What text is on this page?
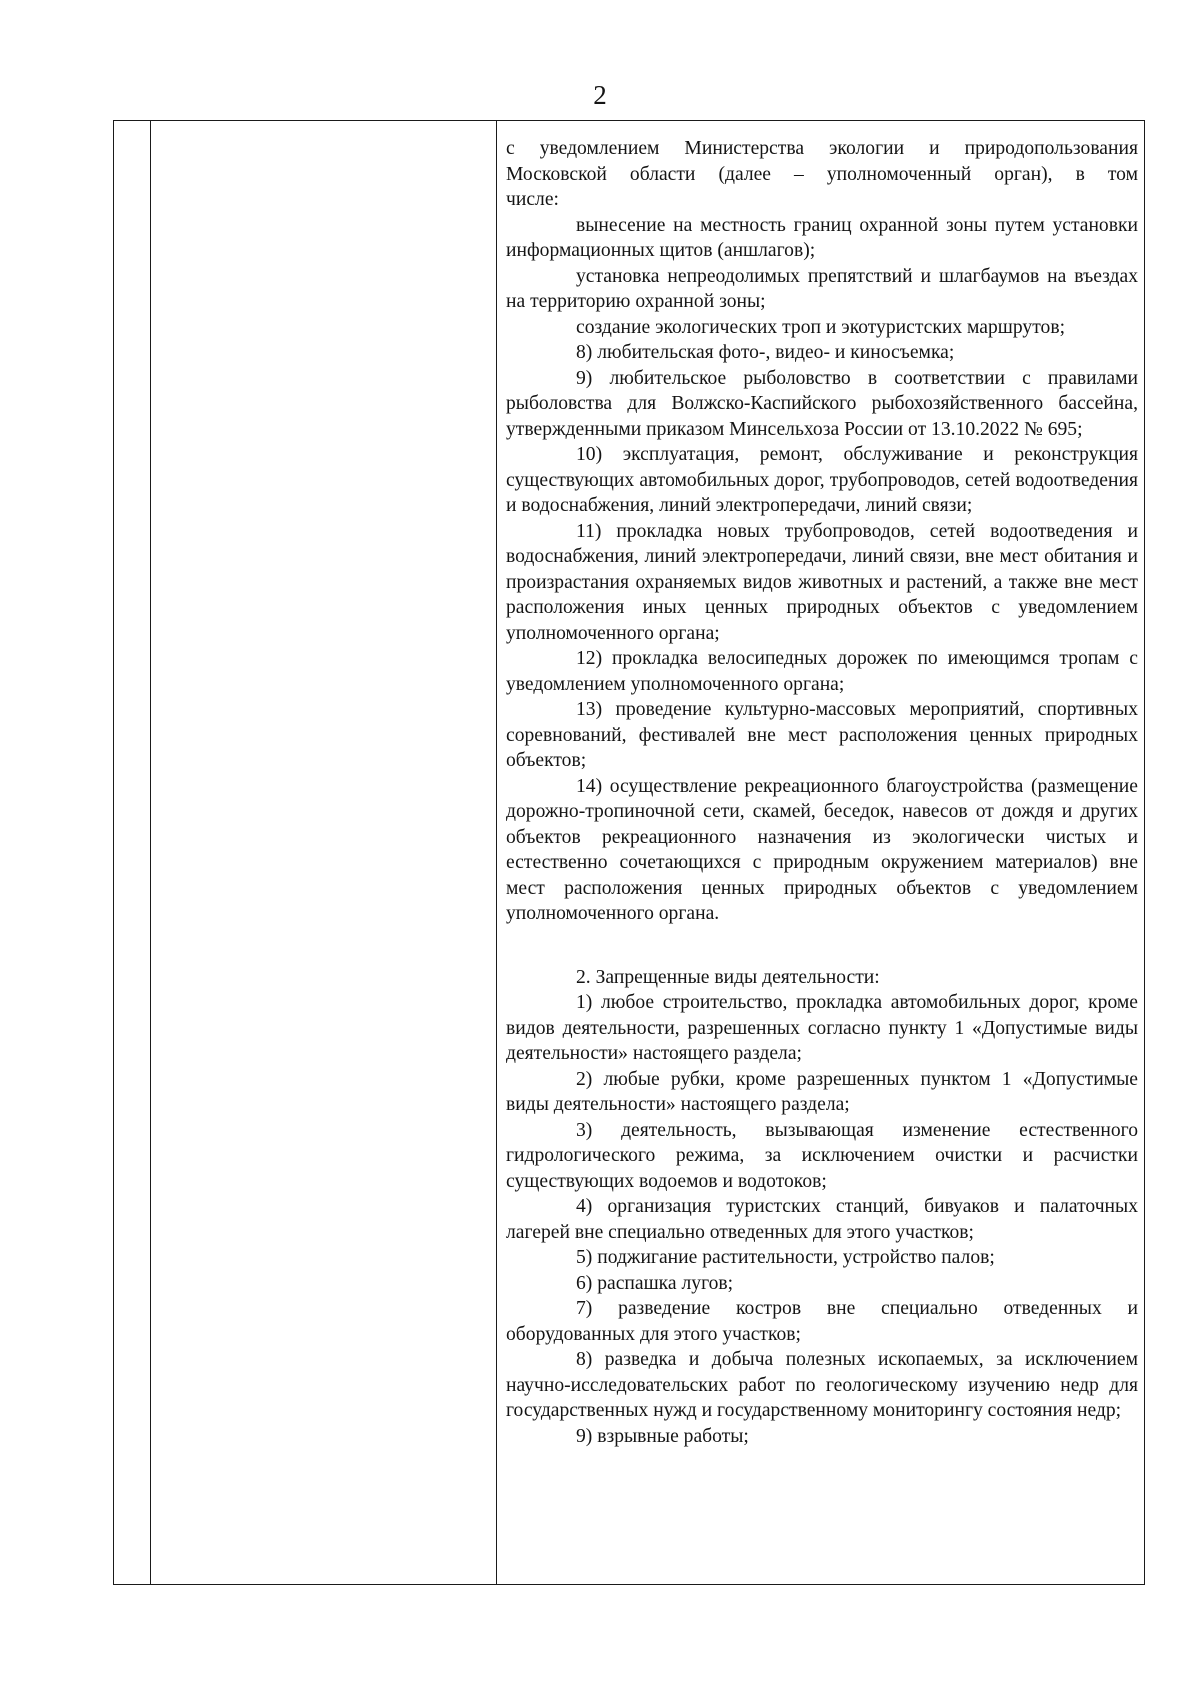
2

с уведомлением Министерства экологии и природопользования

Московской области (далее – уполномоченный орган), в том

числе:

вынесение на местность границ охранной зоны путем установки информационных щитов (аншлагов);

установка непреодолимых препятствий и шлагбаумов на въездах на территорию охранной зоны;

создание экологических троп и экотуристских маршрутов;

8) любительская фото-, видео- и киносъемка;

9) любительское рыболовство в соответствии с правилами рыболовства для Волжско-Каспийского рыбохозяйственного бассейна, утвержденными приказом Минсельхоза России от 13.10.2022 № 695;

10) эксплуатация, ремонт, обслуживание и реконструкция существующих автомобильных дорог, трубопроводов, сетей водоотведения и водоснабжения, линий электропередачи, линий связи;

11) прокладка новых трубопроводов, сетей водоотведения и водоснабжения, линий электропередачи, линий связи, вне мест обитания и произрастания охраняемых видов животных и растений, а также вне мест расположения иных ценных природных объектов с уведомлением уполномоченного органа;

12) прокладка велосипедных дорожек по имеющимся тропам с уведомлением уполномоченного органа;

13) проведение культурно-массовых мероприятий, спортивных соревнований, фестивалей вне мест расположения ценных природных объектов;

14) осуществление рекреационного благоустройства (размещение дорожно-тропиночной сети, скамей, беседок, навесов от дождя и других объектов рекреационного назначения из экологически чистых и естественно сочетающихся с природным окружением материалов) вне мест расположения ценных природных объектов с уведомлением уполномоченного органа.

2. Запрещенные виды деятельности:

1) любое строительство, прокладка автомобильных дорог, кроме видов деятельности, разрешенных согласно пункту 1 «Допустимые виды деятельности» настоящего раздела;

2) любые рубки, кроме разрешенных пунктом 1 «Допустимые виды деятельности» настоящего раздела;

3) деятельность, вызывающая изменение естественного гидрологического режима, за исключением очистки и расчистки существующих водоемов и водотоков;

4) организация туристских станций, бивуаков и палаточных лагерей вне специально отведенных для этого участков;

5) поджигание растительности, устройство палов;

6) распашка лугов;

7) разведение костров вне специально отведенных и оборудованных для этого участков;

8) разведка и добыча полезных ископаемых, за исключением научно-исследовательских работ по геологическому изучению недр для государственных нужд и государственному мониторингу состояния недр;

9) взрывные работы;
